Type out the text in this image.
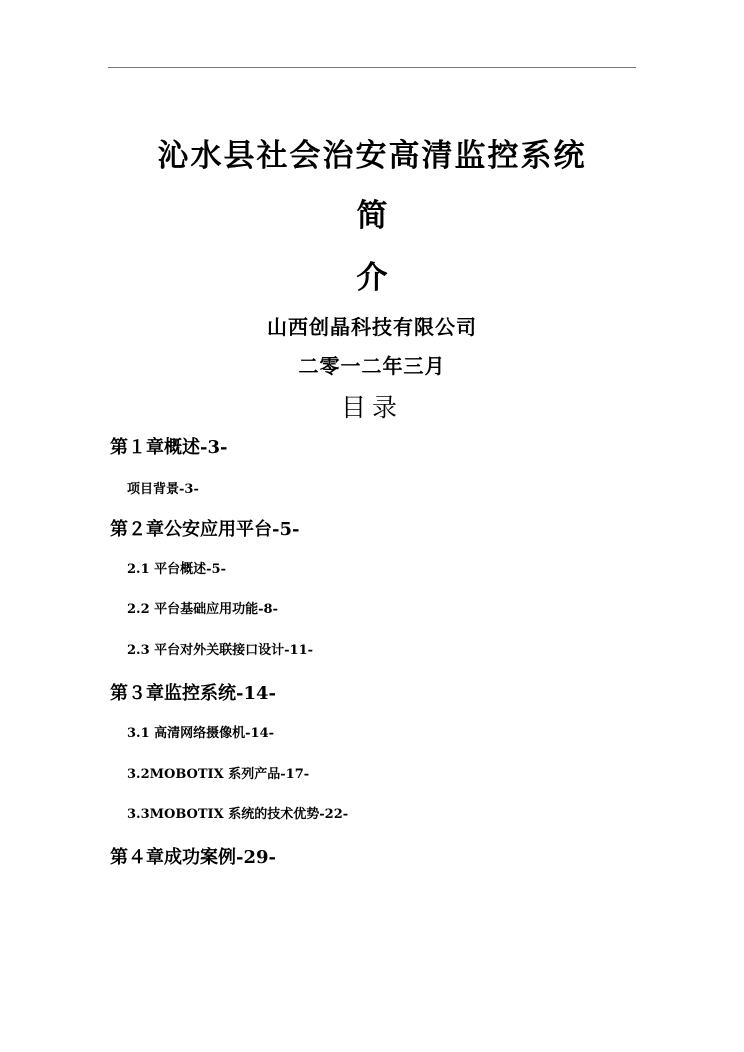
沁水县社会治安高清监控系统
简
介
山西创晶科技有限公司
二零一二年三月
目录
第１章概述-3-
项目背景-3-
第２章公安应用平台-5-
2.1 平台概述-5-
2.2 平台基础应用功能-8-
2.3 平台对外关联接口设计-11-
第３章监控系统-14-
3.1 高清网络摄像机-14-
3.2MOBOTIX 系列产品-17-
3.3MOBOTIX 系统的技术优势-22-
第４章成功案例-29-
